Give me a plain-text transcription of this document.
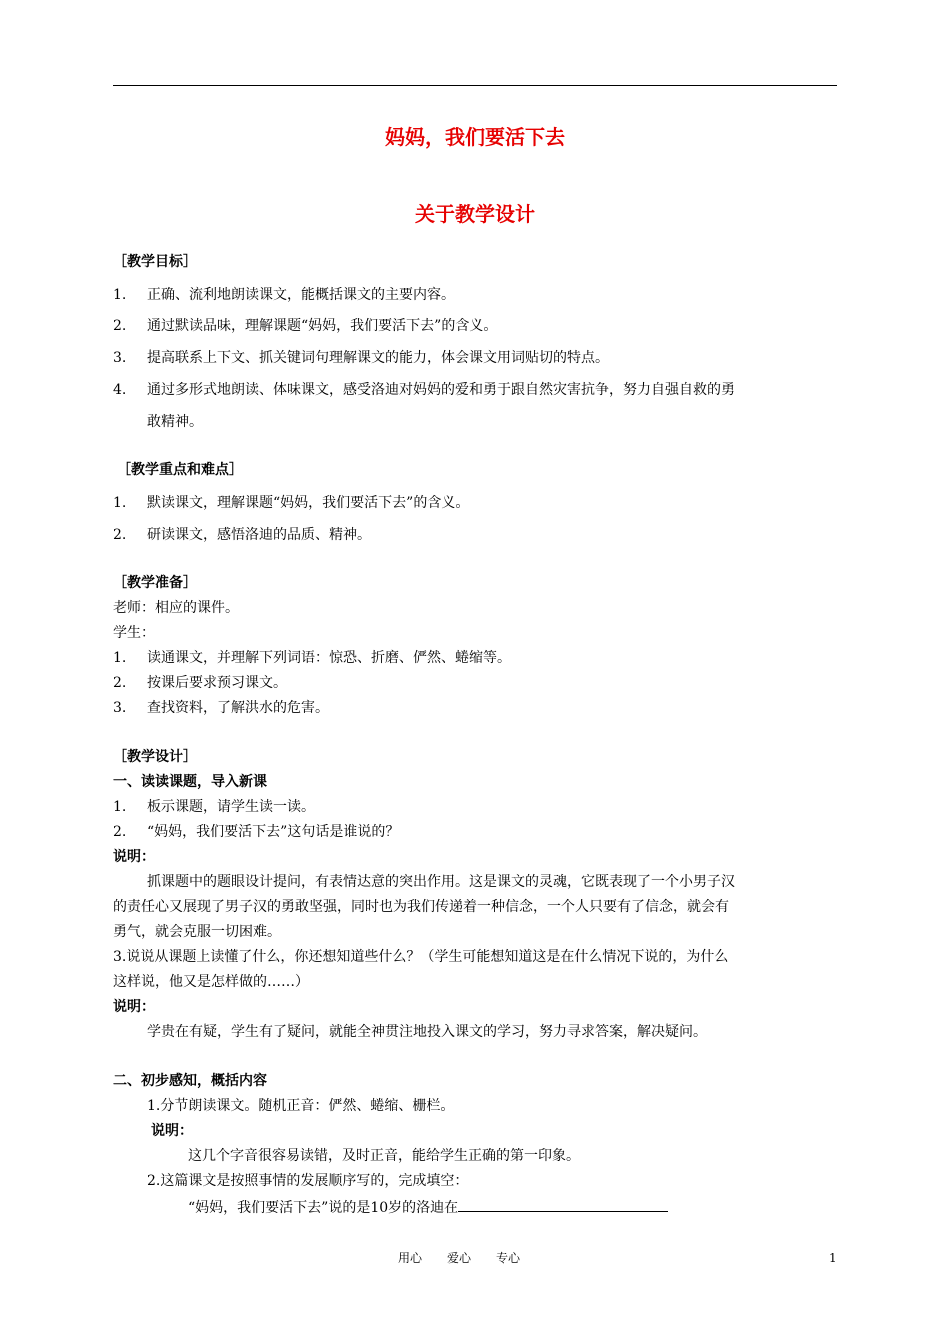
妈妈，我们要活下去
关于教学设计
［教学目标］
1. 正确、流利地朗读课文，能概括课文的主要内容。
2. 通过默读品味，理解课题“妈妈，我们要活下去”的含义。
3. 提高联系上下文、抓关键词句理解课文的能力，体会课文用词贴切的特点。
4. 通过多形式地朗读、体味课文，感受洛迪对妈妈的爱和勇于跟自然灾害抗争，努力自强自救的勇
敢精神。
［教学重点和难点］
1. 默读课文，理解课题“妈妈，我们要活下去”的含义。
2. 研读课文，感悟洛迪的品质、精神。
［教学准备］
老师：相应的课件。
学生：
1. 读通课文，并理解下列词语：惊恐、折磨、俨然、蜷缩等。
2. 按课后要求预习课文。
3. 查找资料，了解洪水的危害。
［教学设计］
一、读读课题，导入新课
1. 板示课题，请学生读一读。
2. “妈妈，我们要活下去”这句话是谁说的？
说明：
抓课题中的题眼设计提问，有表情达意的突出作用。这是课文的灵魂，它既表现了一个小男子汉
的责任心又展现了男子汉的勇敢坚强，同时也为我们传递着一种信念，一个人只要有了信念，就会有
勇气，就会克服一切困难。
3.说说从课题上读懂了什么，你还想知道些什么？（学生可能想知道这是在什么情况下说的，为什么
这样说，他又是怎样做的……）
说明：
学贵在有疑，学生有了疑问，就能全神贯注地投入课文的学习，努力寻求答案，解决疑问。
二、初步感知，概括内容
1.分节朗读课文。随机正音：俨然、蜷缩、栅栏。
说明：
这几个字音很容易读错，及时正音，能给学生正确的第一印象。
2.这篇课文是按照事情的发展顺序写的，完成填空：
“妈妈，我们要活下去”说的是10岁的洛迪在
用心 爱心 专心	1
